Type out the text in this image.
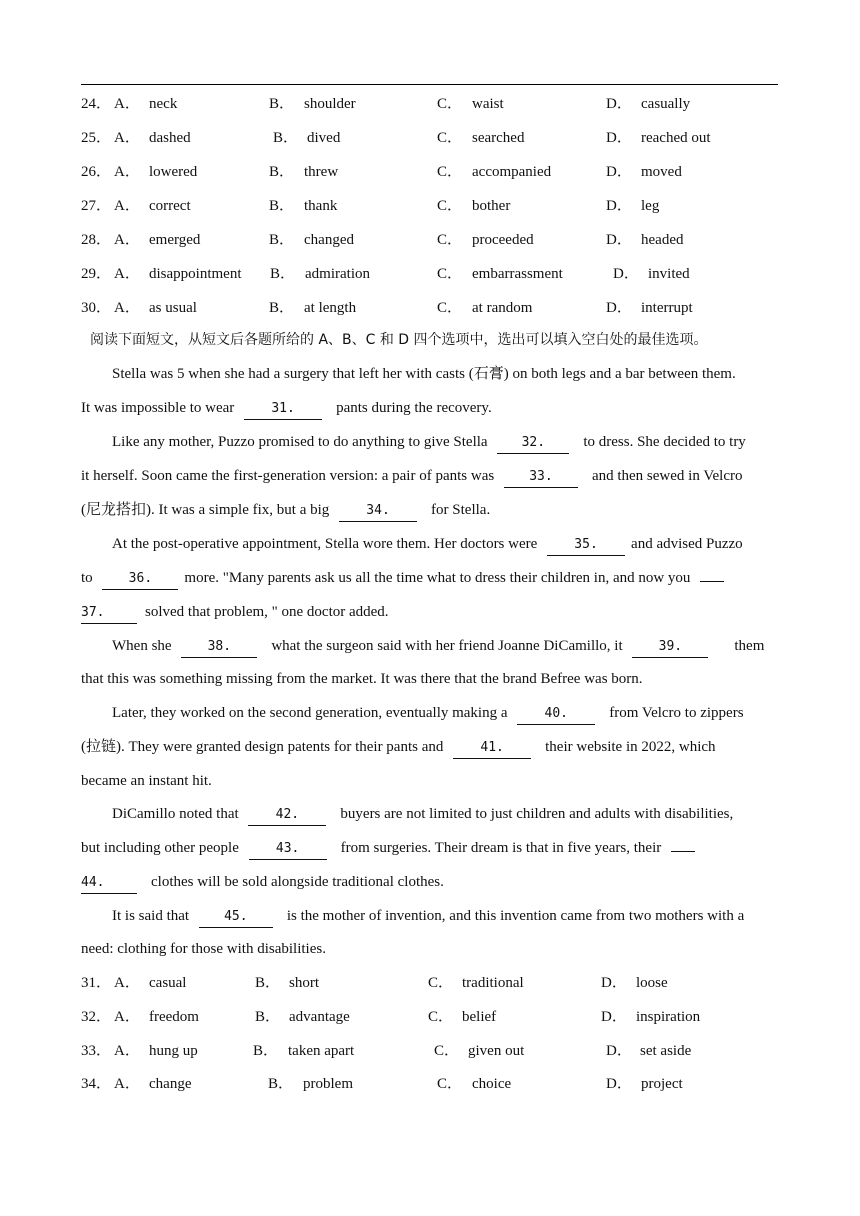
24． A． neck	B． shoulder	C． waist	D． casually
25． A． dashed	B． dived	C． searched	D． reached out
26． A． lowered	B． threw	C． accompanied	D． moved
27． A． correct	B． thank	C． bother	D． leg
28． A． emerged	B． changed	C． proceeded	D． headed
29． A． disappointment B． admiration	C． embarrassment	D． invited
30． A． as usual	B． at length	C． at random	D． interrupt
阅读下面短文，从短文后各题所给的 A、B、C 和 D 四个选项中，选出可以填入空白处的最佳选项。
Stella was 5 when she had a surgery that left her with casts (石膏) on both legs and a bar between them.
It was impossible to wear	31.	pants during the recovery.
Like any mother, Puzzo promised to do anything to give Stella	32.	to dress. She decided to try
it herself. Soon came the first-generation version: a pair of pants was	33.	and then sewed in Velcro
(尼龙搭扣). It was a simple fix, but a big	34.	for Stella.
At the post-operative appointment, Stella wore them. Her doctors were	35. and advised Puzzo
to	36. more. "Many parents ask us all the time what to dress their children in, and now you
37.	solved that problem, " one doctor added.
When she	38.	what the surgeon said with her friend Joanne DiCamillo, it	39.	them
that this was something missing from the market. It was there that the brand Befree was born.
Later, they worked on the second generation, eventually making a	40.	from Velcro to zippers
(拉链). They were granted design patents for their pants and	41.	their website in 2022, which
became an instant hit.
DiCamillo noted that	42.	buyers are not limited to just children and adults with disabilities,
but including other people	43.	from surgeries. Their dream is that in five years, their
44.	clothes will be sold alongside traditional clothes.
It is said that	45.	is the mother of invention, and this invention came from two mothers with a
need: clothing for those with disabilities.
31． A． casual	B． short	C． traditional	D． loose
32． A． freedom	B． advantage	C． belief	D． inspiration
33． A． hung up	B． taken apart	C． given out	D． set aside
34． A． change	B． problem	C． choice	D． project
